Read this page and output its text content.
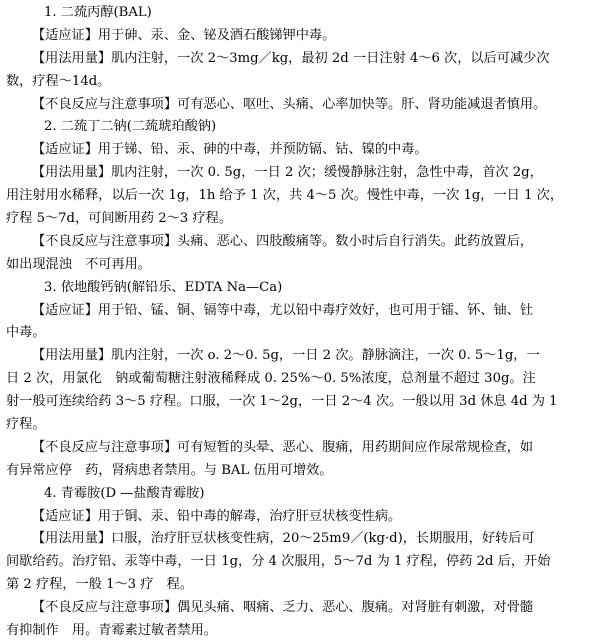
1. 二巯丙醇(BAL)
【适应证】用于砷、汞、金、铋及酒石酸锑钾中毒。
【用法用量】肌内注射，一次 2～3mg／kg，最初 2d 一日注射 4～6 次，以后可减少次
数，疗程～14d。
【不良反应与注意事项】可有恶心、呕吐、头痛、心率加快等。肝、肾功能减退者慎用。
2. 二巯丁二钠(二巯琥珀酸钠)
【适应证】用于锑、铅、汞、砷的中毒，并预防镉、钴、镍的中毒。
【用法用量】肌内注射，一次 0. 5g，一日 2 次；缓慢静脉注射，急性中毒，首次 2g，
用注射用水稀释，以后一次 1g，1h 给予 1 次，共 4～5 次。慢性中毒，一次 1g，一日 1 次，
疗程 5～7d，可间断用药 2～3 疗程。
【不良反应与注意事项】头痛、恶心、四肢酸痛等。数小时后自行消失。此药放置后，
如出现混浊　不可再用。
3. 依地酸钙钠(解铅乐、EDTA Na—Ca)
【适应证】用于铅、锰、铜、镉等中毒，尤以铅中毒疗效好，也可用于镭、钚、铀、钍
中毒。
【用法用量】肌内注射，一次 o. 2～0. 5g，一日 2 次。静脉滴注，一次 0. 5～1g，一
日 2 次，用氯化　钠或葡萄糖注射液稀释成 0. 25%～0. 5%浓度，总剂量不超过 30g。注
射一般可连续给药 3～5 疗程。口服，一次 1～2g，一日 2～4 次。一般以用 3d 休息 4d 为 1
疗程。
【不良反应与注意事项】可有短暂的头晕、恶心、腹痛，用药期间应作尿常规检查，如
有异常应停　药，肾病患者禁用。与 BAL 伍用可增效。
4. 青霉胺(D —盐酸青霉胺)
【适应证】用于铜、汞、铅中毒的解毒，治疗肝豆状核变性病。
【用法用量】口服，治疗肝豆状核变性病，20～25m9／(kg·d)，长期服用，好转后可
间歇给药。治疗铅、汞等中毒，一日 1g，分 4 次服用，5～7d 为 1 疗程，停药 2d 后，开始
第 2 疗程，一般 1～3 疗　程。
【不良反应与注意事项】偶见头痛、咽痛、乏力、恶心、腹痛。对肾脏有刺激，对骨髓
有抑制作　用。青霉素过敏者禁用。
